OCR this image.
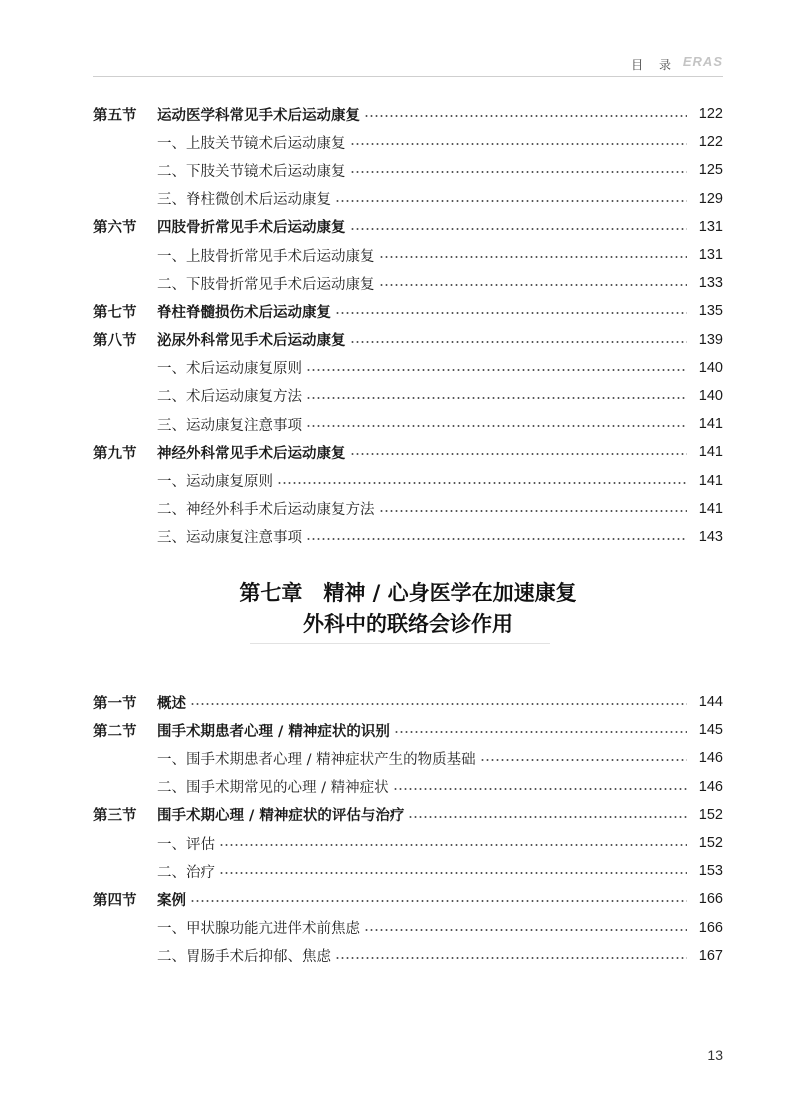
目 录 ERAS
第五节	运动医学科常见手术后运动康复	122
一、上肢关节镜术后运动康复	122
二、下肢关节镜术后运动康复	125
三、脊柱微创术后运动康复	129
第六节	四肢骨折常见手术后运动康复	131
一、上肢骨折常见手术后运动康复	131
二、下肢骨折常见手术后运动康复	133
第七节	脊柱脊髓损伤术后运动康复	135
第八节	泌尿外科常见手术后运动康复	139
一、术后运动康复原则	140
二、术后运动康复方法	140
三、运动康复注意事项	141
第九节	神经外科常见手术后运动康复	141
一、运动康复原则	141
二、神经外科手术后运动康复方法	141
三、运动康复注意事项	143
第七章　精神 / 心身医学在加速康复
外科中的联络会诊作用
第一节	概述	144
第二节	围手术期患者心理 / 精神症状的识别	145
一、围手术期患者心理 / 精神症状产生的物质基础	146
二、围手术期常见的心理 / 精神症状	146
第三节	围手术期心理 / 精神症状的评估与治疗	152
一、评估	152
二、治疗	153
第四节	案例	166
一、甲状腺功能亢进伴术前焦虑	166
二、胃肠手术后抑郁、焦虑	167
13
